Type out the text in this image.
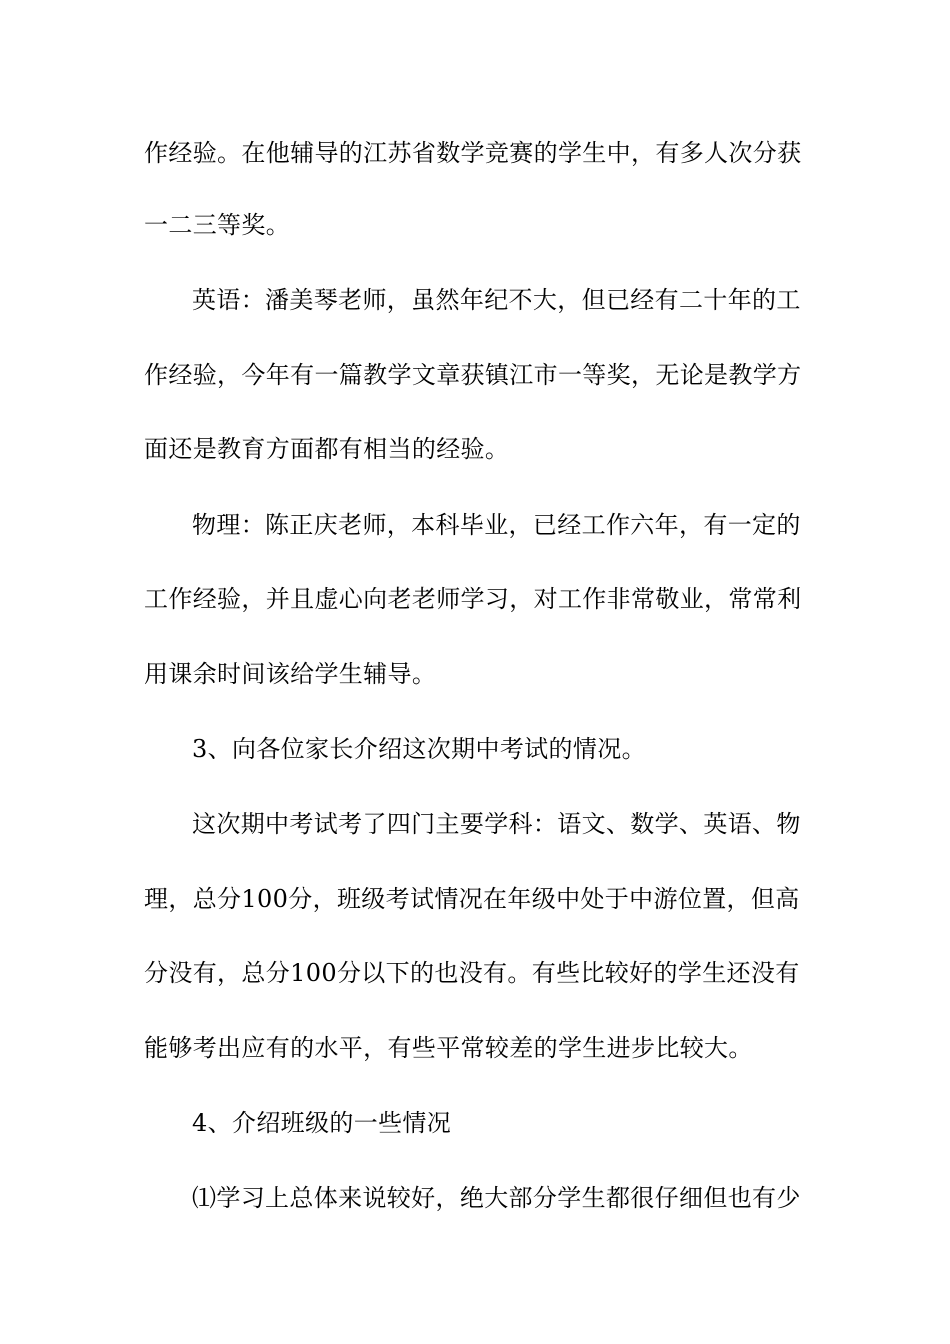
作经验。在他辅导的江苏省数学竞赛的学生中，有多人次分获
一二三等奖。
英语：潘美琴老师，虽然年纪不大，但已经有二十年的工
作经验，今年有一篇教学文章获镇江市一等奖，无论是教学方
面还是教育方面都有相当的经验。
物理：陈正庆老师，本科毕业，已经工作六年，有一定的
工作经验，并且虚心向老老师学习，对工作非常敬业，常常利
用课余时间该给学生辅导。
3、向各位家长介绍这次期中考试的情况。
这次期中考试考了四门主要学科：语文、数学、英语、物
理，总分100分，班级考试情况在年级中处于中游位置，但高
分没有，总分100分以下的也没有。有些比较好的学生还没有
能够考出应有的水平，有些平常较差的学生进步比较大。
4、介绍班级的一些情况
⑴学习上总体来说较好，绝大部分学生都很仔细但也有少
